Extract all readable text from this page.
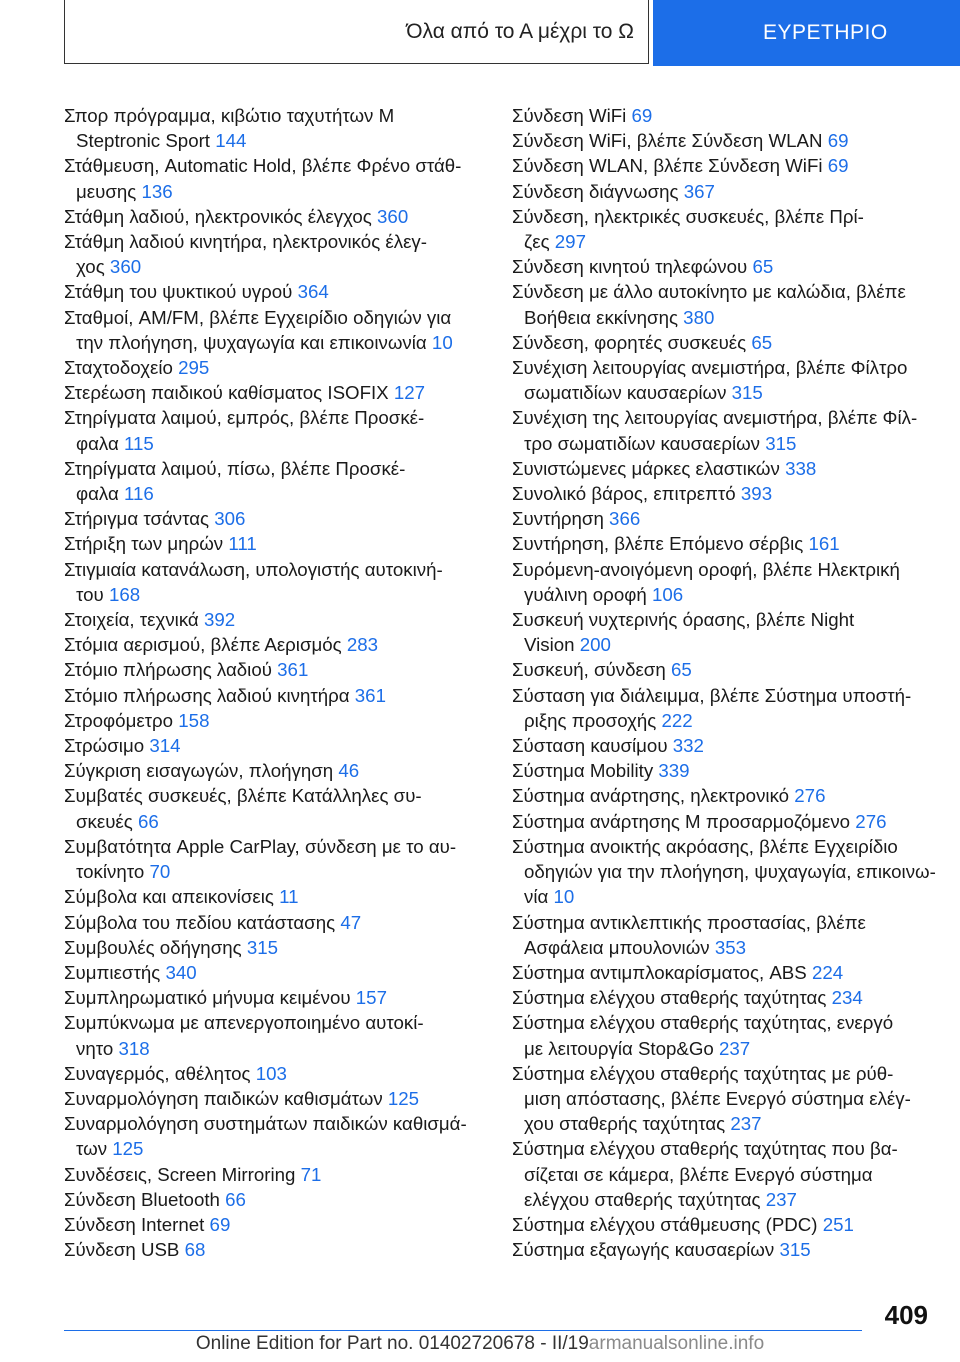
Όλα από το Α μέχρι το Ω	ΕΥΡΕΤΗΡΙΟ
Σπορ πρόγραμμα, κιβώτιο ταχυτήτων M
Steptronic Sport 144
Στάθμευση, Automatic Hold, βλέπε Φρένο στάθ-
μευσης 136
Στάθμη λαδιού, ηλεκτρονικός έλεγχος 360
Στάθμη λαδιού κινητήρα, ηλεκτρονικός έλεγ-
χος 360
Στάθμη του ψυκτικού υγρού 364
Σταθμοί, AM/FM, βλέπε Εγχειρίδιο οδηγιών για
την πλοήγηση, ψυχαγωγία και επικοινωνία 10
Σταχτοδοχείο 295
Στερέωση παιδικού καθίσματος ISOFIX 127
Στηρίγματα λαιμού, εμπρός, βλέπε Προσκέ-
φαλα 115
Στηρίγματα λαιμού, πίσω, βλέπε Προσκέ-
φαλα 116
Στήριγμα τσάντας 306
Στήριξη των μηρών 111
Στιγμιαία κατανάλωση, υπολογιστής αυτοκινή-
του 168
Στοιχεία, τεχνικά 392
Στόμια αερισμού, βλέπε Αερισμός 283
Στόμιο πλήρωσης λαδιού 361
Στόμιο πλήρωσης λαδιού κινητήρα 361
Στροφόμετρο 158
Στρώσιμο 314
Σύγκριση εισαγωγών, πλοήγηση 46
Συμβατές συσκευές, βλέπε Κατάλληλες συ-
σκευές 66
Συμβατότητα Apple CarPlay, σύνδεση με το αυ-
τοκίνητο 70
Σύμβολα και απεικονίσεις 11
Σύμβολα του πεδίου κατάστασης 47
Συμβουλές οδήγησης 315
Συμπιεστής 340
Συμπληρωματικό μήνυμα κειμένου 157
Συμπύκνωμα με απενεργοποιημένο αυτοκί-
νητο 318
Συναγερμός, αθέλητος 103
Συναρμολόγηση παιδικών καθισμάτων 125
Συναρμολόγηση συστημάτων παιδικών καθισμά-
των 125
Συνδέσεις, Screen Mirroring 71
Σύνδεση Bluetooth 66
Σύνδεση Internet 69
Σύνδεση USB 68
Σύνδεση WiFi 69
Σύνδεση WiFi, βλέπε Σύνδεση WLAN 69
Σύνδεση WLAN, βλέπε Σύνδεση WiFi 69
Σύνδεση διάγνωσης 367
Σύνδεση, ηλεκτρικές συσκευές, βλέπε Πρί-
ζες 297
Σύνδεση κινητού τηλεφώνου 65
Σύνδεση με άλλο αυτοκίνητο με καλώδια, βλέπε
Βοήθεια εκκίνησης 380
Σύνδεση, φορητές συσκευές 65
Συνέχιση λειτουργίας ανεμιστήρα, βλέπε Φίλτρο
σωματιδίων καυσαερίων 315
Συνέχιση της λειτουργίας ανεμιστήρα, βλέπε Φίλ-
τρο σωματιδίων καυσαερίων 315
Συνιστώμενες μάρκες ελαστικών 338
Συνολικό βάρος, επιτρεπτό 393
Συντήρηση 366
Συντήρηση, βλέπε Επόμενο σέρβις 161
Συρόμενη-ανοιγόμενη οροφή, βλέπε Ηλεκτρική
γυάλινη οροφή 106
Συσκευή νυχτερινής όρασης, βλέπε Night
Vision 200
Συσκευή, σύνδεση 65
Σύσταση για διάλειμμα, βλέπε Σύστημα υποστή-
ριξης προσοχής 222
Σύσταση καυσίμου 332
Σύστημα Mobility 339
Σύστημα ανάρτησης, ηλεκτρονικό 276
Σύστημα ανάρτησης M προσαρμοζόμενο 276
Σύστημα ανοικτής ακρόασης, βλέπε Εγχειρίδιο
οδηγιών για την πλοήγηση, ψυχαγωγία, επικοινω-
νία 10
Σύστημα αντικλεπτικής προστασίας, βλέπε
Ασφάλεια μπουλονιών 353
Σύστημα αντιμπλοκαρίσματος, ABS 224
Σύστημα ελέγχου σταθερής ταχύτητας 234
Σύστημα ελέγχου σταθερής ταχύτητας, ενεργό
με λειτουργία Stop&Go 237
Σύστημα ελέγχου σταθερής ταχύτητας με ρύθ-
μιση απόστασης, βλέπε Ενεργό σύστημα ελέγ-
χου σταθερής ταχύτητας 237
Σύστημα ελέγχου σταθερής ταχύτητας που βα-
σίζεται σε κάμερα, βλέπε Ενεργό σύστημα
ελέγχου σταθερής ταχύτητας 237
Σύστημα ελέγχου στάθμευσης (PDC) 251
Σύστημα εξαγωγής καυσαερίων 315
409
Online Edition for Part no. 01402720678 - II/19armanualsonline.info
